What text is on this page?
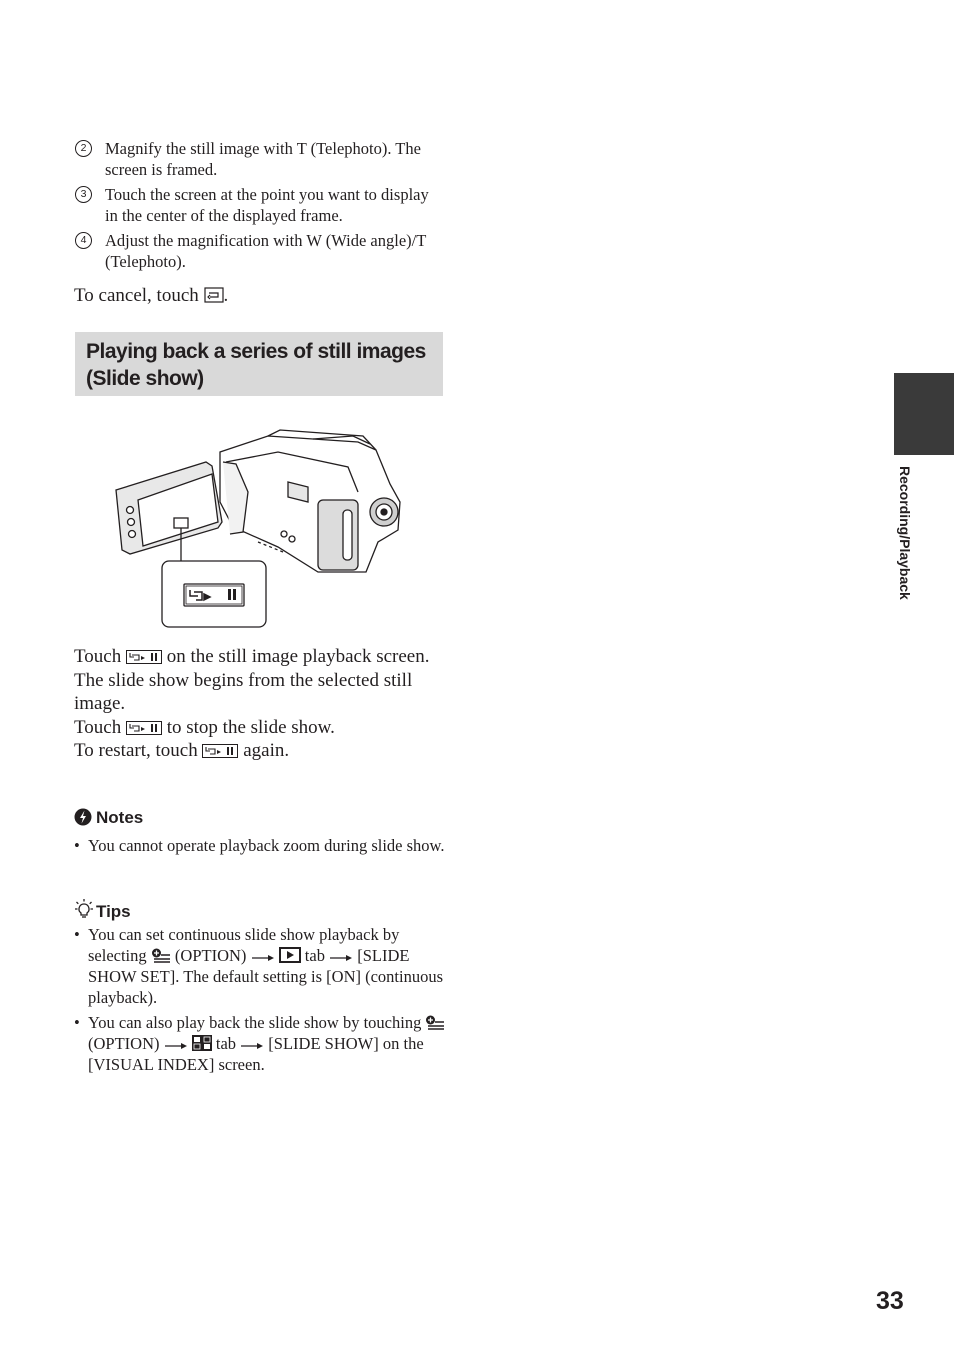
2	Magnify the still image with T (Telephoto). The screen is framed.
3	Touch the screen at the point you want to display in the center of the displayed frame.
4	Adjust the magnification with W (Wide angle)/T (Telephoto).
To cancel, touch .
Playing back a series of still images (Slide show)

Touch on the still image playback screen.

The slide show begins from the selected still image.

Touch to stop the slide show.

To restart, touch again.

Notes
• You cannot operate playback zoom during slide show.
Tips
• You can set continuous slide show playback by selecting (OPTION)	tab [SLIDE SHOW SET]. The default setting is [ON] (continuous playback).
• You can also play back the slide show by touching  (OPTION)	tab [SLIDE SHOW] on the [VISUAL INDEX] screen.
Recording/Playback
33
